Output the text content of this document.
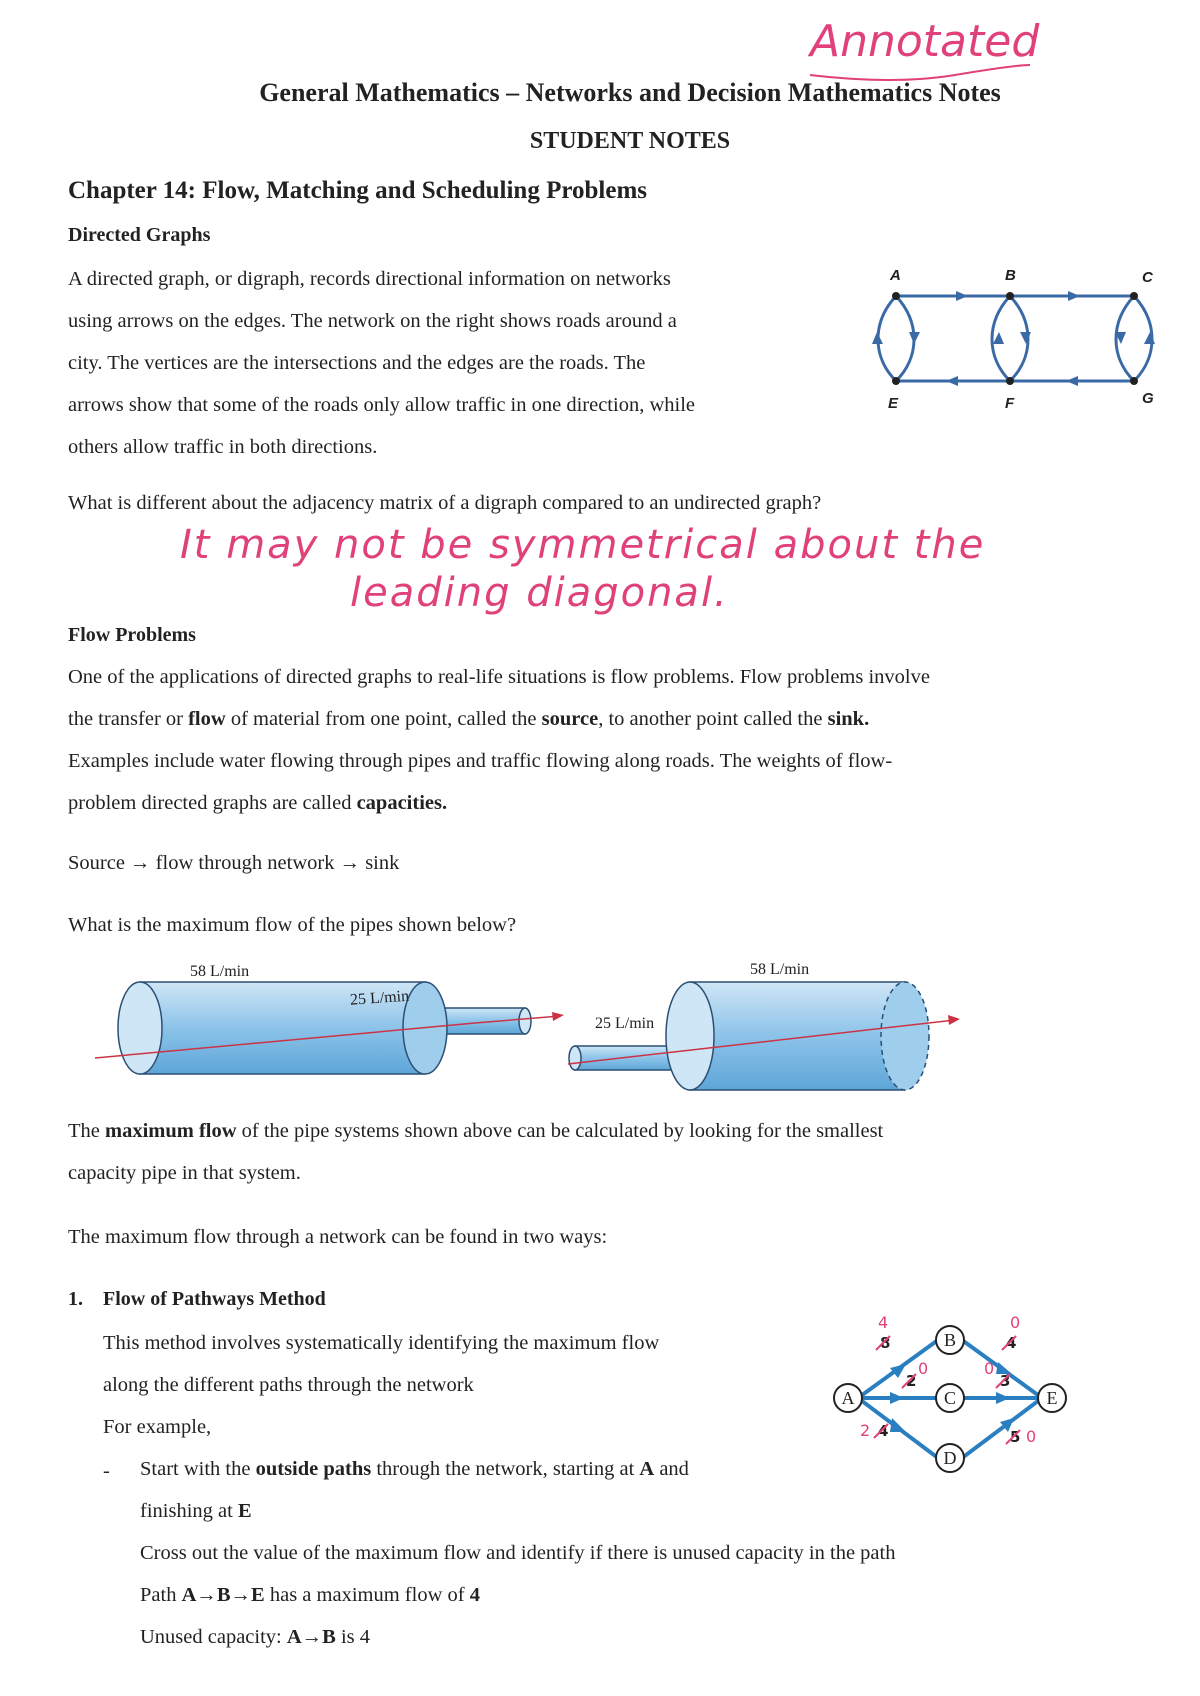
Annotated
General Mathematics – Networks and Decision Mathematics Notes
STUDENT NOTES
Chapter 14: Flow, Matching and Scheduling Problems
Directed Graphs
A directed graph, or digraph, records directional information on networks
using arrows on the edges. The network on the right shows roads around a
city. The vertices are the intersections and the edges are the roads. The
arrows show that some of the roads only allow traffic in one direction, while
others allow traffic in both directions.
A	B	C
E	F	G
What is different about the adjacency matrix of a digraph compared to an undirected graph?
It may not be symmetrical about the
leading diagonal.
Flow Problems
One of the applications of directed graphs to real-life situations is flow problems. Flow problems involve
the transfer or flow of material from one point, called the source, to another point called the sink.
Examples include water flowing through pipes and traffic flowing along roads. The weights of flow-
problem directed graphs are called capacities.
Source → flow through network → sink
What is the maximum flow of the pipes shown below?
58 L/min
25 L/min
58 L/min
25 L/min
The maximum flow of the pipe systems shown above can be calculated by looking for the smallest
capacity pipe in that system.
The maximum flow through a network can be found in two ways:
1. Flow of Pathways Method
This method involves systematically identifying the maximum flow
along the different paths through the network
For example,
- Start with the outside paths through the network, starting at A and
finishing at E
Cross out the value of the maximum flow and identify if there is unused capacity in the path
Path A→B→E has a maximum flow of 4
Unused capacity: A→B is 4
A
B
C
D
E
8
2
4
4
3
5
4
0
2
0
0
0
